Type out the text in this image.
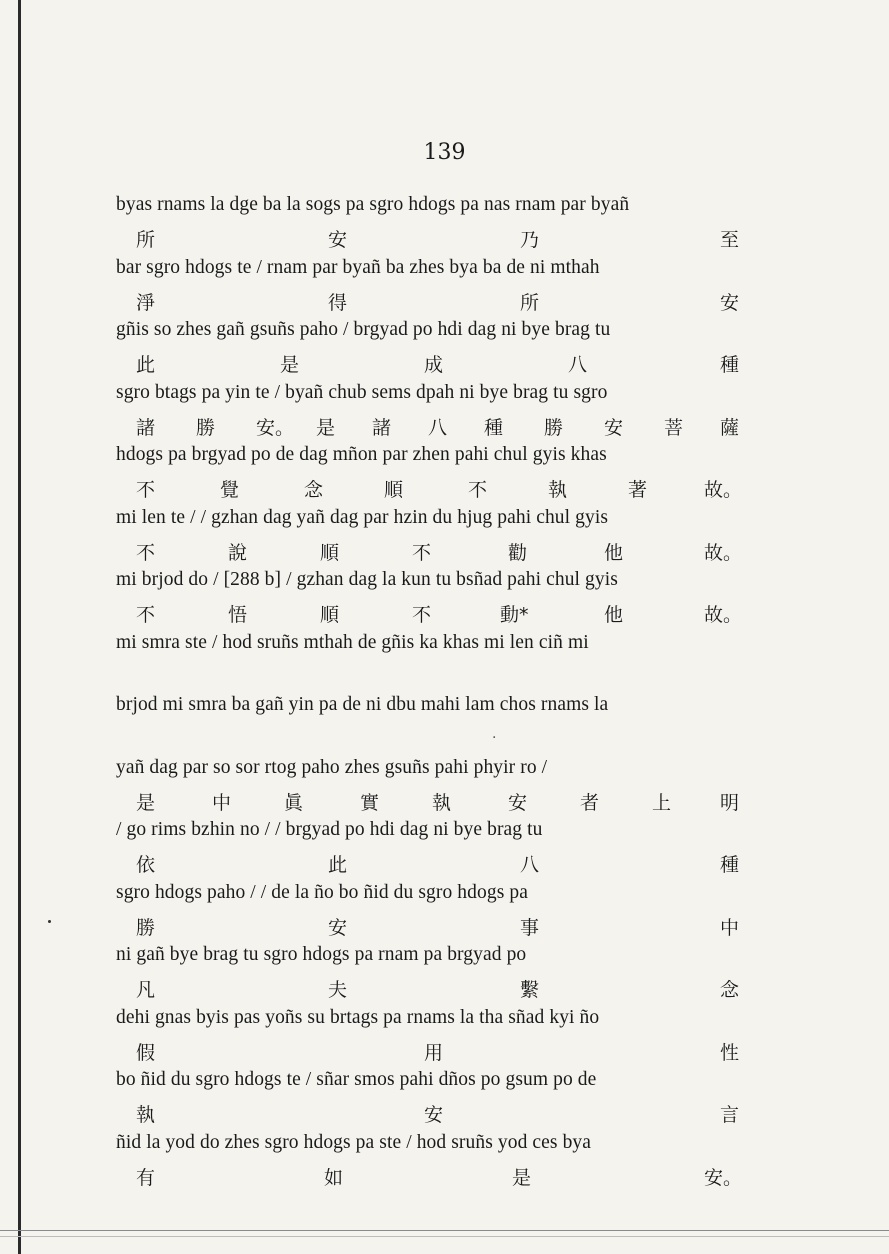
139
byas rnams la dge ba la sogs pa sgro hdogs pa nas rnam par byañ
bar sgro hdogs te / rnam par byañ ba zhes bya ba de ni mthah
gñis so zhes gañ gsuñs paho / brgyad po hdi dag ni bye brag tu
sgro btags pa yin te / byañ chub sems dpah ni bye brag tu sgro
hdogs pa brgyad po de dag mñon par zhen pahi chul gyis khas
mi len te / / gzhan dag yañ dag par hzin du hjug pahi chul gyis
mi brjod do / [288 b] / gzhan dag la kun tu bsñad pahi chul gyis
mi smra ste / hod sruñs mthah de gñis ka khas mi len ciñ mi
brjod mi smra ba gañ yin pa de ni dbu mahi lam chos rnams la
yañ dag par so sor rtog paho zhes gsuñs pahi phyir ro /
/ go rims bzhin no / / brgyad po hdi dag ni bye brag tu
sgro hdogs paho / / de la ño bo ñid du sgro hdogs pa
ni gañ bye brag tu sgro hdogs pa rnam pa brgyad po
dehi gnas byis pas yoñs su brtags pa rnams la tha sñad kyi ño
bo ñid du sgro hdogs te / sñar smos pahi dños po gsum po de
ñid la yod do zhes sgro hdogs pa ste / hod sruñs yod ces bya
所	安	乃	至
淨	得	所	安
此	是	成	八	種
諸 勝 安。 是 諸 八 種 勝 安 菩 薩
不	覺	念	順	不	執	著	故。
不	說	順	不	勸	他	故。
不	悟	順	不	動*	他	故。
·
是	中	眞	實	執	安	者	上	明
依	此	八	種
勝	安	事	中
凡	夫	繫	念
假	用	性
執	安	言
有	如	是	安。
